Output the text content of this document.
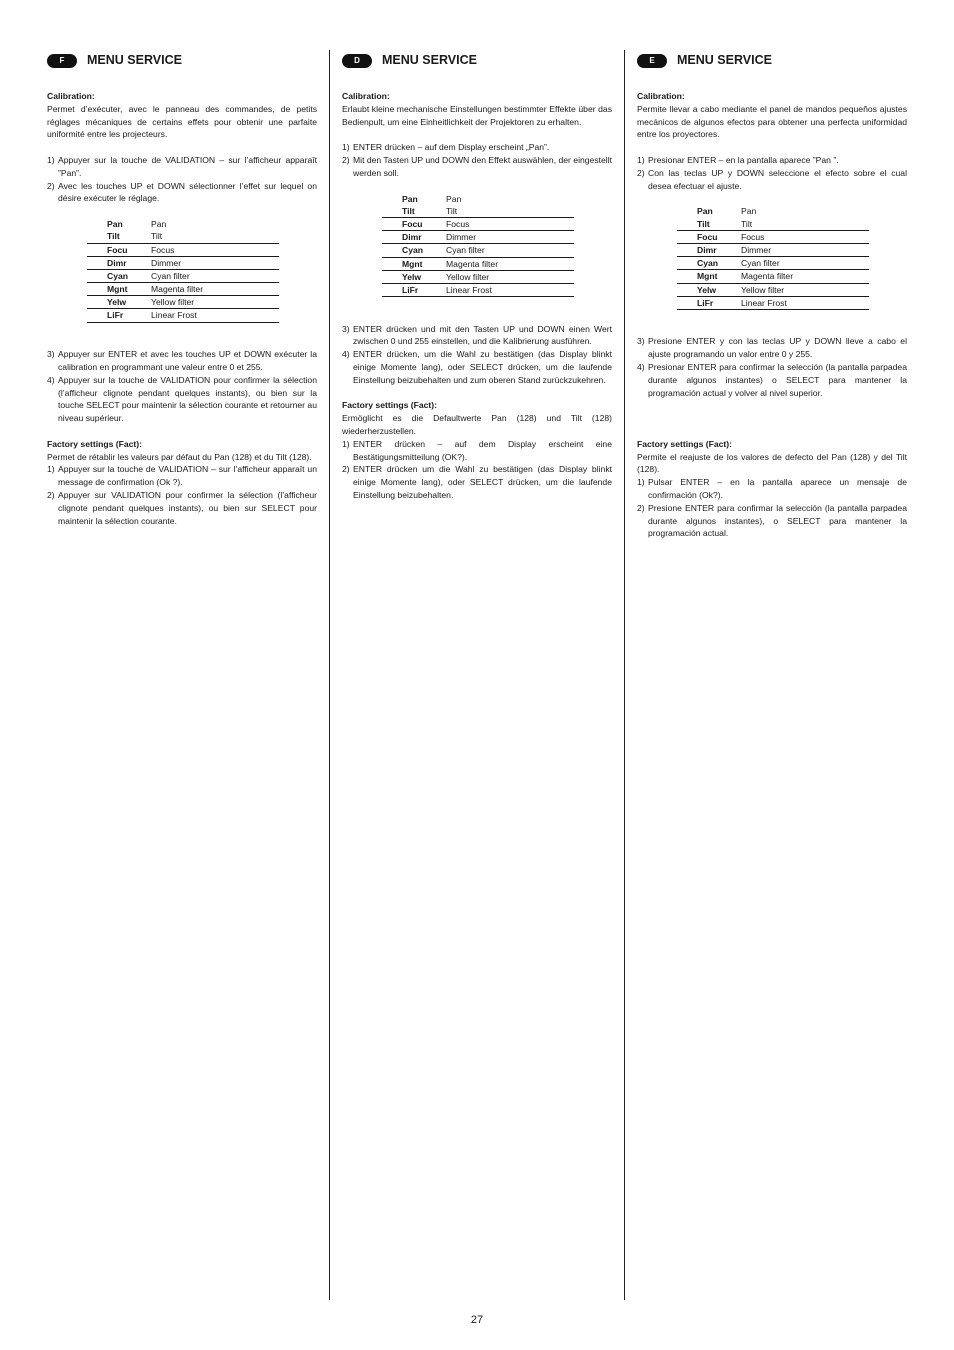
F	MENU SERVICE
Calibration:
Permet d’exécuter, avec le panneau des commandes, de petits réglages mécaniques de certains effets pour obtenir une parfaite uniformité entre les projecteurs.
1) Appuyer sur la touche de VALIDATION – sur l’afficheur apparaît ”Pan”.
2) Avec les touches UP et DOWN sélectionner l’effet sur lequel on désire exécuter le réglage.
Pan	Pan
Tilt	Tilt
Focu	Focus
Dimr	Dimmer
Cyan	Cyan filter
Mgnt	Magenta filter
Yelw	Yellow filter
LiFr	Linear Frost
3) Appuyer sur ENTER et avec les touches UP et DOWN exécuter la calibration en programmant une valeur entre 0 et 255.
4) Appuyer sur la touche de VALIDATION pour confirmer la sélection (l’afficheur clignote pendant quelques instants), ou bien sur la touche SELECT pour maintenir la sélection courante et retourner au niveau supérieur.
Factory settings (Fact):
Permet de rétablir les valeurs par défaut du Pan (128) et du Tilt (128).
1) Appuyer sur la touche de VALIDATION – sur l’afficheur apparaît un message de confirmation (Ok ?).
2) Appuyer sur VALIDATION pour confirmer la sélection (l’afficheur clignote pendant quelques instants), ou bien sur SELECT pour maintenir la sélection courante.
D	MENU SERVICE
Calibration:
Erlaubt kleine mechanische Einstellungen bestimmter Effekte über das Bedienpult, um eine Einheitlichkeit der Projektoren zu erhalten.
1) ENTER drücken – auf dem Display erscheint „Pan”.
2) Mit den Tasten UP und DOWN den Effekt auswählen, der eingestellt werden soll.
Pan	Pan
Tilt	Tilt
Focu	Focus
Dimr	Dimmer
Cyan	Cyan filter
Mgnt	Magenta filter
Yelw	Yellow filter
LiFr	Linear Frost
3) ENTER drücken und mit den Tasten UP und DOWN einen Wert zwischen 0 und 255 einstellen, und die Kalibrierung ausführen.
4) ENTER drücken, um die Wahl zu bestätigen (das Display blinkt einige Momente lang), oder SELECT drücken, um die laufende Einstellung beizubehalten und zum oberen Stand zurückzukehren.
Factory settings (Fact):
Ermöglicht es die Defaultwerte Pan (128) und Tilt (128) wiederherzustellen.
1) ENTER drücken – auf dem Display erscheint eine Bestätigungsmitteilung (OK?).
2) ENTER drücken um die Wahl zu bestätigen (das Display blinkt einige Momente lang), oder SELECT drücken, um die laufende Einstellung beizubehalten.
E	MENU SERVICE
Calibration:
Permite llevar a cabo mediante el panel de mandos pequeños ajustes mecánicos de algunos efectos para obtener una perfecta uniformidad entre los proyectores.
1) Presionar ENTER – en la pantalla aparece ”Pan ”.
2) Con las teclas UP y DOWN seleccione el efecto sobre el cual desea efectuar el ajuste.
Pan	Pan
Tilt	Tilt
Focu	Focus
Dimr	Dimmer
Cyan	Cyan filter
Mgnt	Magenta filter
Yelw	Yellow filter
LiFr	Linear Frost
3) Presione ENTER y con las teclas UP y DOWN lleve a cabo el ajuste programando un valor entre 0 y 255.
4) Presionar ENTER para confirmar la selección (la pantalla parpadea durante algunos instantes) o SELECT para mantener la programación actual y volver al nivel superior.
Factory settings (Fact):
Permite el reajuste de los valores de defecto del Pan (128) y del Tilt (128).
1) Pulsar ENTER – en la pantalla aparece un mensaje de confirmación (Ok?).
2) Presione ENTER para confirmar la selección (la pantalla parpadea durante algunos instantes), o SELECT para mantener la programación actual.
27
